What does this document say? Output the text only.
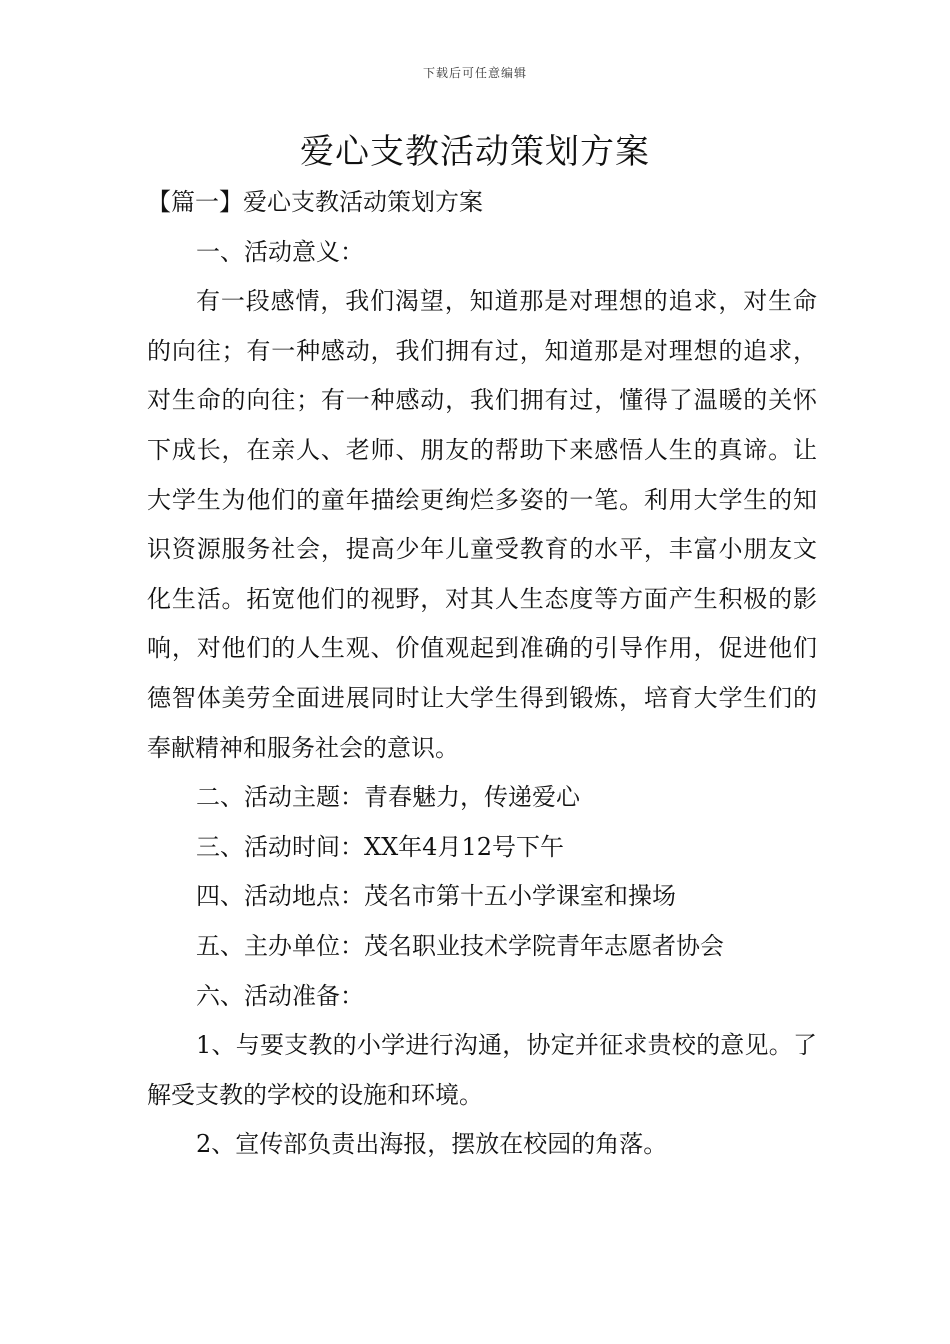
下载后可任意编辑
爱心支教活动策划方案
【篇一】爱心支教活动策划方案

一、活动意义：

有一段感情，我们渴望，知道那是对理想的追求，对生命的向往；有一种感动，我们拥有过，知道那是对理想的追求，对生命的向往；有一种感动，我们拥有过，懂得了温暖的关怀下成长，在亲人、老师、朋友的帮助下来感悟人生的真谛。让大学生为他们的童年描绘更绚烂多姿的一笔。利用大学生的知识资源服务社会，提高少年儿童受教育的水平，丰富小朋友文化生活。拓宽他们的视野，对其人生态度等方面产生积极的影响，对他们的人生观、价值观起到准确的引导作用，促进他们德智体美劳全面进展同时让大学生得到锻炼，培育大学生们的奉献精神和服务社会的意识。

二、活动主题：青春魅力，传递爱心

三、活动时间：XX年4月12号下午

四、活动地点：茂名市第十五小学课室和操场

五、主办单位：茂名职业技术学院青年志愿者协会

六、活动准备：

1、与要支教的小学进行沟通，协定并征求贵校的意见。了解受支教的学校的设施和环境。

2、宣传部负责出海报，摆放在校园的角落。
